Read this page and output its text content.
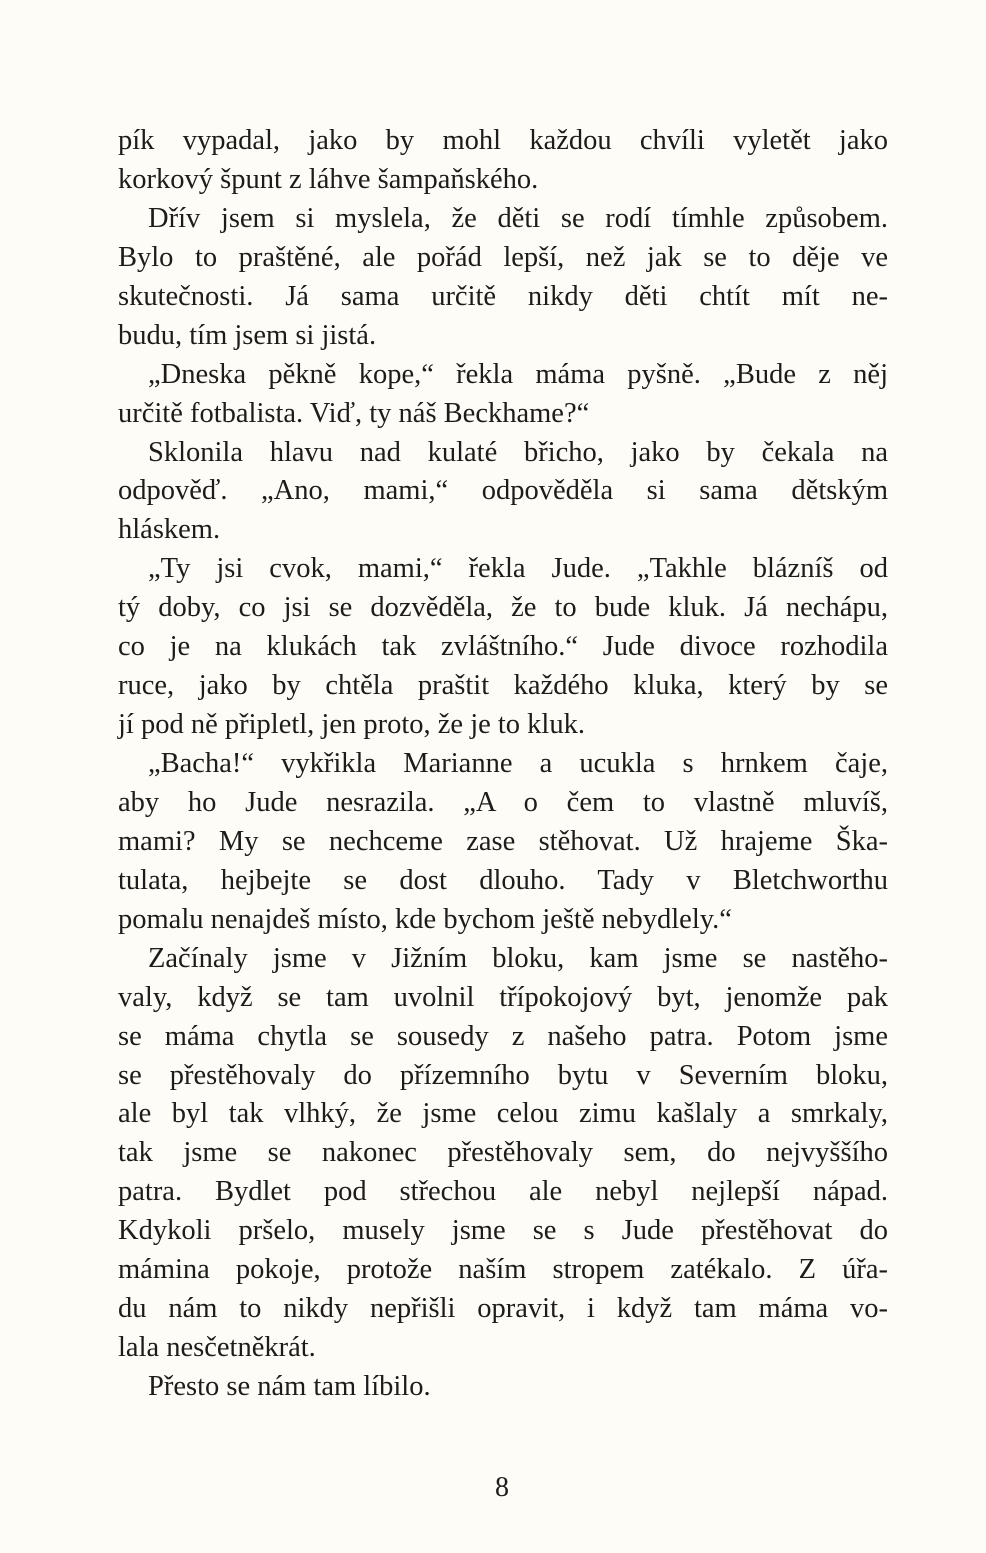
pík vypadal, jako by mohl každou chvíli vyletět jako
korkový špunt z láhve šampaňského.
Dřív jsem si myslela, že děti se rodí tímhle způsobem.
Bylo to praštěné, ale pořád lepší, než jak se to děje ve
skutečnosti. Já sama určitě nikdy děti chtít mít ne-
budu, tím jsem si jistá.
„Dneska pěkně kope,“ řekla máma pyšně. „Bude z něj
určitě fotbalista. Viď, ty náš Beckhame?“
Sklonila hlavu nad kulaté břicho, jako by čekala na
odpověď. „Ano, mami,“ odpověděla si sama dětským
hláskem.
„Ty jsi cvok, mami,“ řekla Jude. „Takhle blázníš od
tý doby, co jsi se dozvěděla, že to bude kluk. Já nechápu,
co je na klukách tak zvláštního.“ Jude divoce rozhodila
ruce, jako by chtěla praštit každého kluka, který by se
jí pod ně připletl, jen proto, že je to kluk.
„Bacha!“ vykřikla Marianne a ucukla s hrnkem čaje,
aby ho Jude nesrazila. „A o čem to vlastně mluvíš,
mami? My se nechceme zase stěhovat. Už hrajeme Ška-
tulata, hejbejte se dost dlouho. Tady v Bletchworthu
pomalu nenajdeš místo, kde bychom ještě nebydlely.“
Začínaly jsme v Jižním bloku, kam jsme se nastěho-
valy, když se tam uvolnil třípokojový byt, jenomže pak
se máma chytla se sousedy z našeho patra. Potom jsme
se přestěhovaly do přízemního bytu v Severním bloku,
ale byl tak vlhký, že jsme celou zimu kašlaly a smrkaly,
tak jsme se nakonec přestěhovaly sem, do nejvyššího
patra. Bydlet pod střechou ale nebyl nejlepší nápad.
Kdykoli pršelo, musely jsme se s Jude přestěhovat do
mámina pokoje, protože naším stropem zatékalo. Z úřa-
du nám to nikdy nepřišli opravit, i když tam máma vo-
lala nesčetněkrát.
Přesto se nám tam líbilo.
8
